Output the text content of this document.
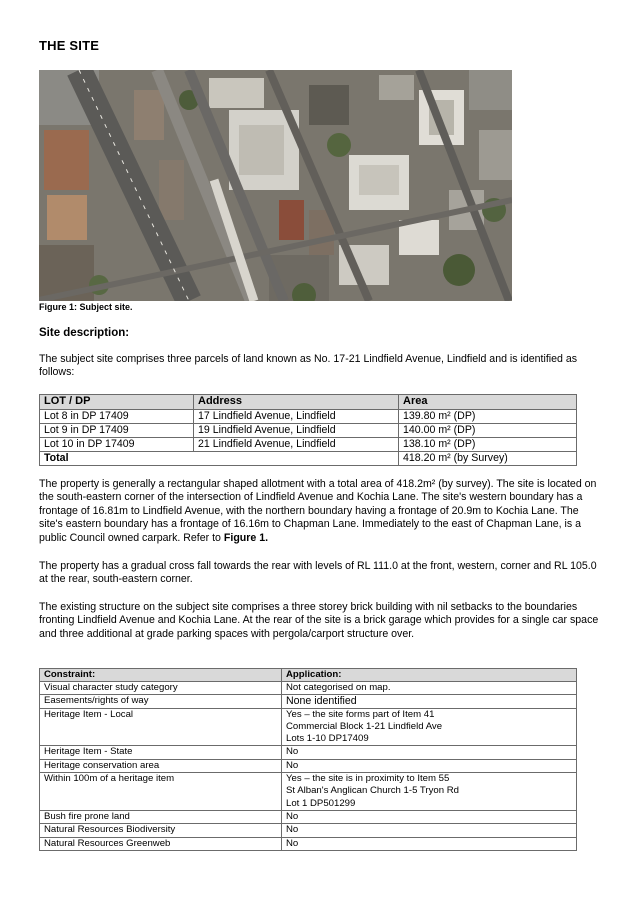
THE SITE
Figure 1: Subject site.
Site description:
The subject site comprises three parcels of land known as No. 17-21 Lindfield Avenue, Lindfield and is identified as follows:
LOT / DP	Address	Area
Lot 8 in DP 17409	17 Lindfield Avenue, Lindfield	139.80 m² (DP)
Lot 9 in DP 17409	19 Lindfield Avenue, Lindfield	140.00 m² (DP)
Lot 10 in DP 17409	21 Lindfield Avenue, Lindfield	138.10 m² (DP)
Total		418.20 m² (by Survey)
The property is generally a rectangular shaped allotment with a total area of 418.2m² (by survey). The site is located on the south-eastern corner of the intersection of Lindfield Avenue and Kochia Lane. The site's western boundary has a frontage of 16.81m to Lindfield Avenue, with the northern boundary having a frontage of 20.9m to Kochia Lane. The site's eastern boundary has a frontage of 16.16m to Chapman Lane. Immediately to the east of Chapman Lane, is a public Council owned carpark. Refer to Figure 1.
The property has a gradual cross fall towards the rear with levels of RL 111.0 at the front, western, corner and RL 105.0 at the rear, south-eastern corner.
The existing structure on the subject site comprises a three storey brick building with nil setbacks to the boundaries fronting Lindfield Avenue and Kochia Lane. At the rear of the site is a brick garage which provides for a single car space and three additional at grade parking spaces with pergola/carport structure over.
Constraint:	Application:
Visual character study category	Not categorised on map.
Easements/rights of way	None identified
Heritage Item - Local	Yes – the site forms part of Item 41
Commercial Block 1-21 Lindfield Ave
Lots 1-10 DP17409

Heritage Item - State	No
Heritage conservation area	No
Within 100m of a heritage item	Yes – the site is in proximity to Item 55
St Alban's Anglican Church 1-5 Tryon Rd
Lot 1 DP501299

Bush fire prone land	No
Natural Resources Biodiversity	No
Natural Resources Greenweb	No
